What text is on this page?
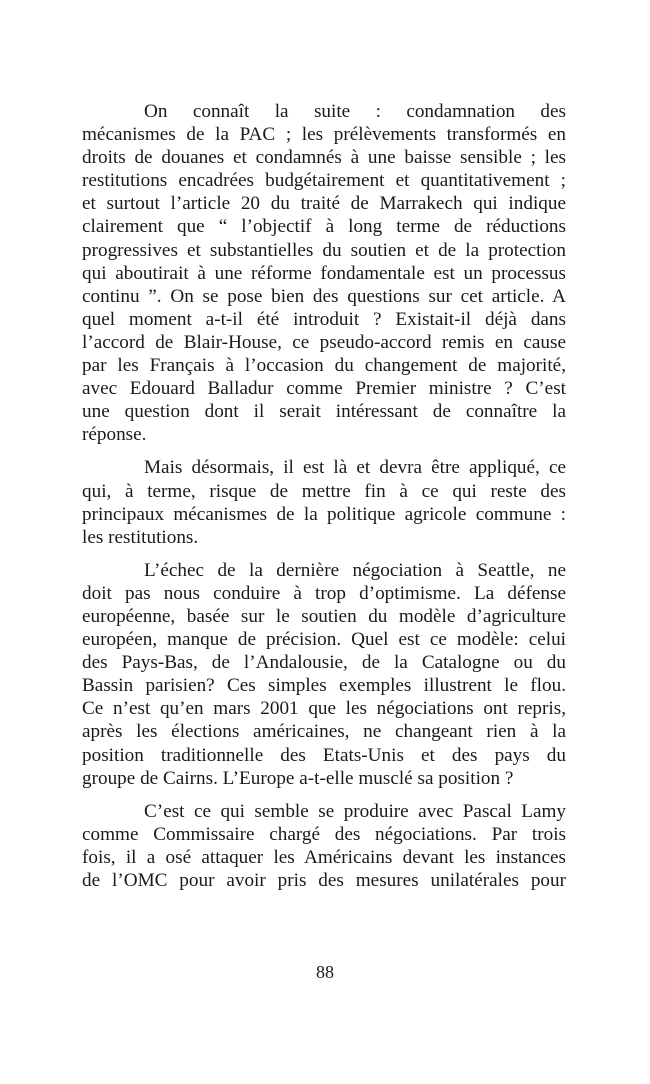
On connaît la suite : condamnation des
mécanismes de la PAC ; les prélèvements transformés en
droits de douanes et condamnés à une baisse sensible ; les
restitutions encadrées budgétairement et quantitativement ;
et surtout l’article 20 du traité de Marrakech qui indique
clairement que “ l’objectif à long terme de réductions
progressives et substantielles du soutien et de la protection
qui aboutirait à une réforme fondamentale est un processus
continu ”. On se pose bien des questions sur cet article. A
quel moment a-t-il été introduit ? Existait-il déjà dans
l’accord de Blair-House, ce pseudo-accord remis en cause
par les Français à l’occasion du changement de majorité,
avec Edouard Balladur comme Premier ministre ? C’est
une question dont il serait intéressant de connaître la
réponse.

Mais désormais, il est là et devra être appliqué, ce
qui, à terme, risque de mettre fin à ce qui reste des
principaux mécanismes de la politique agricole commune :
les restitutions.

L’échec de la dernière négociation à Seattle, ne
doit pas nous conduire à trop d’optimisme. La défense
européenne, basée sur le soutien du modèle d’agriculture
européen, manque de précision. Quel est ce modèle: celui
des Pays-Bas, de l’Andalousie, de la Catalogne ou du
Bassin parisien? Ces simples exemples illustrent le flou.
Ce n’est qu’en mars 2001 que les négociations ont repris,
après les élections américaines, ne changeant rien à la
position traditionnelle des Etats-Unis et des pays du
groupe de Cairns. L’Europe a-t-elle musclé sa position ?

C’est ce qui semble se produire avec Pascal Lamy
comme Commissaire chargé des négociations. Par trois
fois, il a osé attaquer les Américains devant les instances
de l’OMC pour avoir pris des mesures unilatérales pour

88
